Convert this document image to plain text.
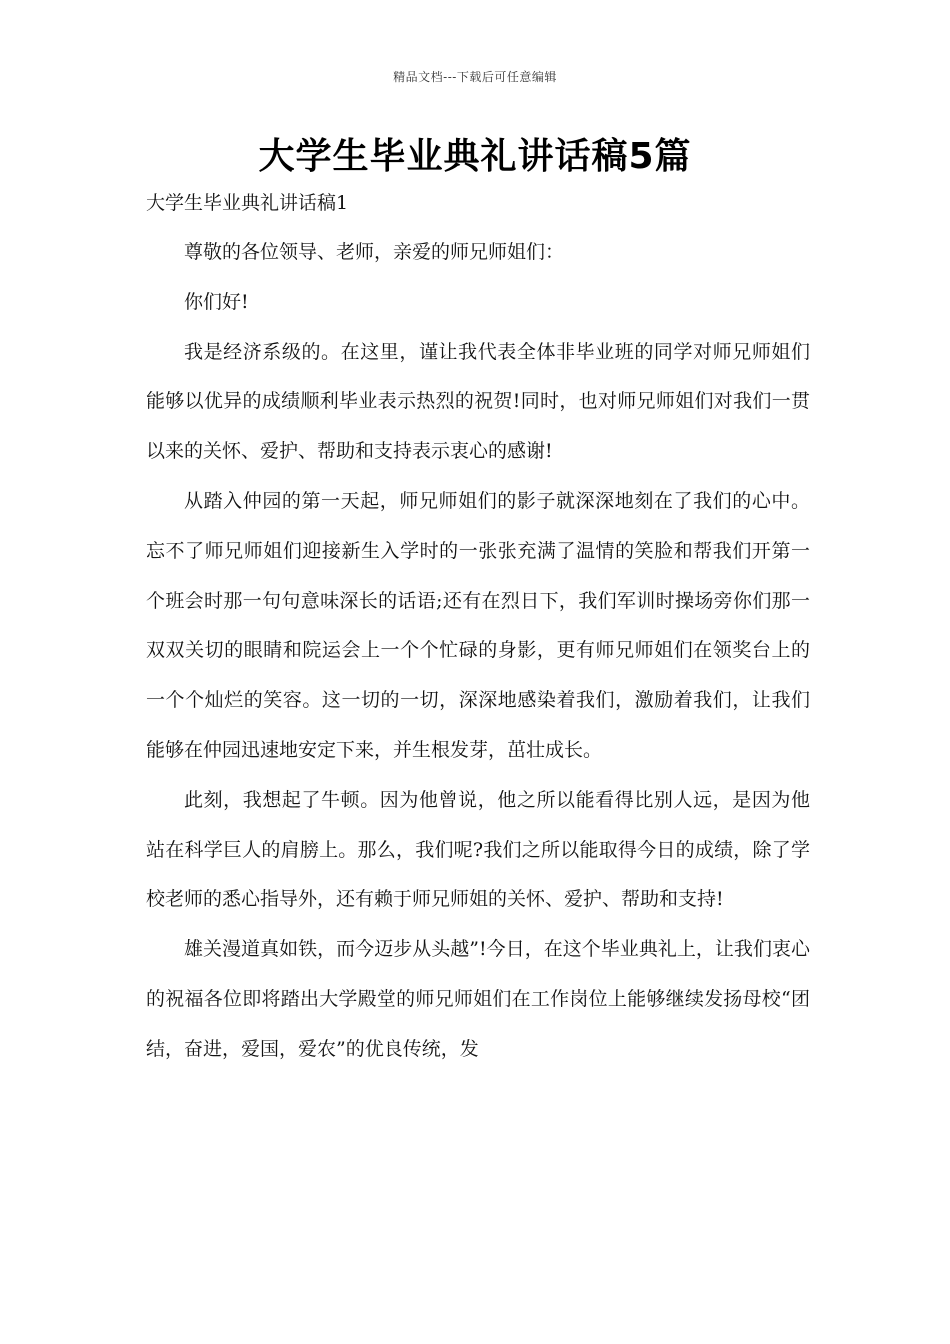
精品文档---下载后可任意编辑
大学生毕业典礼讲话稿5篇
大学生毕业典礼讲话稿1

尊敬的各位领导、老师，亲爱的师兄师姐们：

你们好!

我是经济系级的。在这里，谨让我代表全体非毕业班的同学对师兄师姐们能够以优异的成绩顺利毕业表示热烈的祝贺!同时，也对师兄师姐们对我们一贯以来的关怀、爱护、帮助和支持表示衷心的感谢!

从踏入仲园的第一天起，师兄师姐们的影子就深深地刻在了我们的心中。忘不了师兄师姐们迎接新生入学时的一张张充满了温情的笑脸和帮我们开第一个班会时那一句句意味深长的话语;还有在烈日下，我们军训时操场旁你们那一双双关切的眼睛和院运会上一个个忙碌的身影，更有师兄师姐们在领奖台上的一个个灿烂的笑容。这一切的一切，深深地感染着我们，激励着我们，让我们能够在仲园迅速地安定下来，并生根发芽，茁壮成长。

此刻，我想起了牛顿。因为他曾说，他之所以能看得比别人远，是因为他站在科学巨人的肩膀上。那么，我们呢?我们之所以能取得今日的成绩，除了学校老师的悉心指导外，还有赖于师兄师姐的关怀、爱护、帮助和支持!

雄关漫道真如铁，而今迈步从头越”!今日，在这个毕业典礼上，让我们衷心的祝福各位即将踏出大学殿堂的师兄师姐们在工作岗位上能够继续发扬母校“团结，奋进，爱国，爱农”的优良传统，发
